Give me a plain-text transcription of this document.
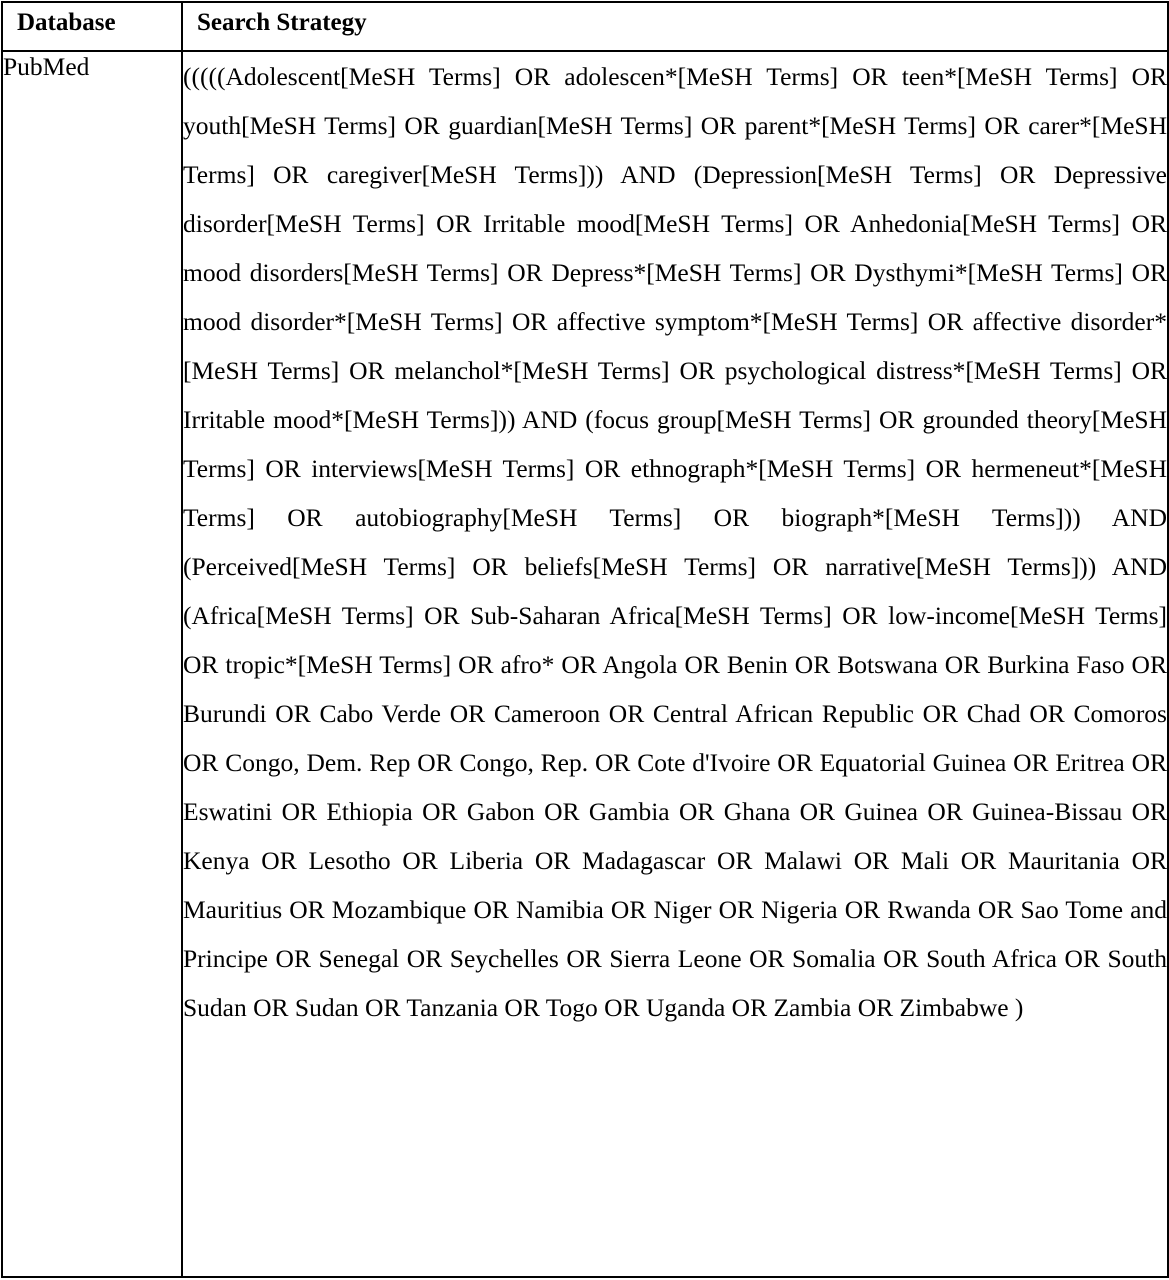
Database	Search Strategy
PubMed	(((((Adolescent[MeSH Terms] OR adolescen*[MeSH Terms] OR teen*[MeSH Terms] OR youth[MeSH Terms] OR guardian[MeSH Terms] OR parent*[MeSH Terms] OR carer*[MeSH Terms] OR caregiver[MeSH Terms])) AND (Depression[MeSH Terms] OR Depressive disorder[MeSH Terms] OR Irritable mood[MeSH Terms] OR Anhedonia[MeSH Terms] OR mood disorders[MeSH Terms] OR Depress*[MeSH Terms] OR Dysthymi*[MeSH Terms] OR mood disorder*[MeSH Terms] OR affective symptom*[MeSH Terms] OR affective disorder*[MeSH Terms] OR melanchol*[MeSH Terms] OR psychological distress*[MeSH Terms] OR Irritable mood*[MeSH Terms])) AND (focus group[MeSH Terms] OR grounded theory[MeSH Terms] OR interviews[MeSH Terms] OR ethnograph*[MeSH Terms] OR hermeneut*[MeSH Terms] OR autobiography[MeSH Terms] OR biograph*[MeSH Terms])) AND (Perceived[MeSH Terms] OR beliefs[MeSH Terms] OR narrative[MeSH Terms])) AND (Africa[MeSH Terms] OR Sub-Saharan Africa[MeSH Terms] OR low-income[MeSH Terms] OR tropic*[MeSH Terms] OR afro* OR Angola OR Benin OR Botswana OR Burkina Faso OR Burundi OR Cabo Verde OR Cameroon OR Central African Republic OR Chad OR Comoros OR Congo, Dem. Rep OR Congo, Rep. OR Cote d'Ivoire OR Equatorial Guinea OR Eritrea OR Eswatini OR Ethiopia OR Gabon OR Gambia OR Ghana OR Guinea OR Guinea-Bissau OR Kenya OR Lesotho OR Liberia OR Madagascar OR Malawi OR Mali OR Mauritania OR Mauritius OR Mozambique OR Namibia OR Niger OR Nigeria OR Rwanda OR Sao Tome and Principe OR Senegal OR Seychelles OR Sierra Leone OR Somalia OR South Africa OR South Sudan OR Sudan OR Tanzania OR Togo OR Uganda OR Zambia OR Zimbabwe )
